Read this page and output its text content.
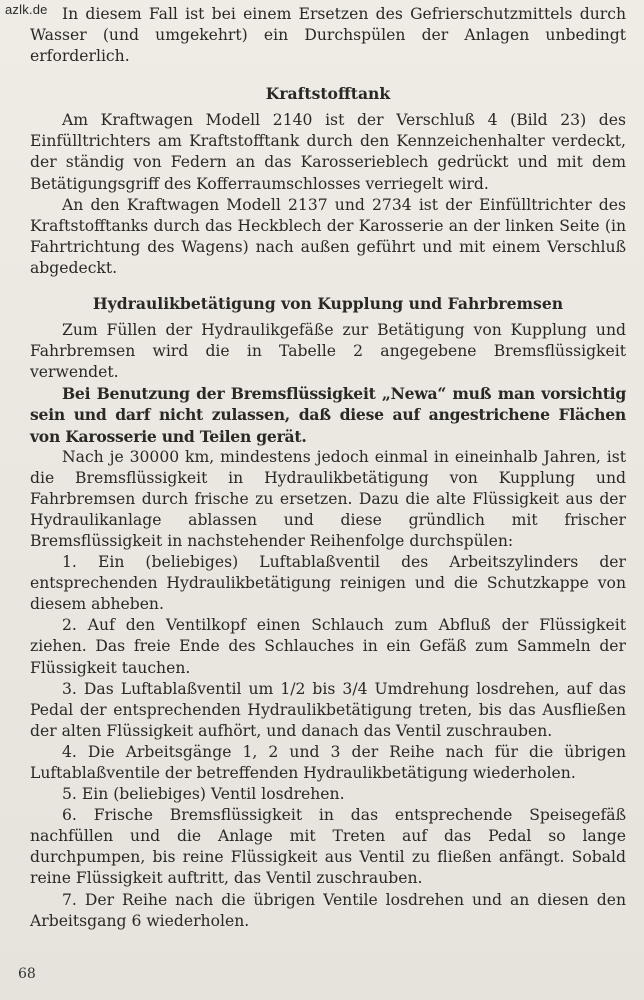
azlk.de In diesem Fall ist bei einem Ersetzen des Gefrierschutzmittels durch Wasser (und umgekehrt) ein Durchspülen der Anlagen unbedingt erforderlich.

Kraftstofftank

Am Kraftwagen Modell 2140 ist der Verschluß 4 (Bild 23) des Einfülltrichters am Kraftstofftank durch den Kennzeichenhalter verdeckt, der ständig von Federn an das Karosserieblech gedrückt und mit dem Betätigungsgriff des Kofferraumschlosses verriegelt wird.

An den Kraftwagen Modell 2137 und 2734 ist der Einfülltrichter des Kraftstofftanks durch das Heckblech der Karosserie an der linken Seite (in Fahrtrichtung des Wagens) nach außen geführt und mit einem Verschluß abgedeckt.

Hydraulikbetätigung von Kupplung und Fahrbremsen

Zum Füllen der Hydraulikgefäße zur Betätigung von Kupplung und Fahrbremsen wird die in Tabelle 2 angegebene Bremsflüssigkeit verwendet.

Bei Benutzung der Bremsflüssigkeit „Newa“ muß man vorsichtig sein und darf nicht zulassen, daß diese auf angestrichene Flächen von Karosserie und Teilen gerät.

Nach je 30000 km, mindestens jedoch einmal in eineinhalb Jahren, ist die Bremsflüssigkeit in Hydraulikbetätigung von Kupplung und Fahrbremsen durch frische zu ersetzen. Dazu die alte Flüssigkeit aus der Hydraulikanlage ablassen und diese gründlich mit frischer Bremsflüssigkeit in nachstehender Reihenfolge durchspülen:

1. Ein (beliebiges) Luftablaßventil des Arbeitszylinders der entsprechenden Hydraulikbetätigung reinigen und die Schutzkappe von diesem abheben.

2. Auf den Ventilkopf einen Schlauch zum Abfluß der Flüssigkeit ziehen. Das freie Ende des Schlauches in ein Gefäß zum Sammeln der Flüssigkeit tauchen.

3. Das Luftablaßventil um 1/2 bis 3/4 Umdrehung losdrehen, auf das Pedal der entsprechenden Hydraulikbetätigung treten, bis das Ausfließen der alten Flüssigkeit aufhört, und danach das Ventil zuschrauben.

4. Die Arbeitsgänge 1, 2 und 3 der Reihe nach für die übrigen Luftablaßventile der betreffenden Hydraulikbetätigung wiederholen.

5. Ein (beliebiges) Ventil losdrehen.

6. Frische Bremsflüssigkeit in das entsprechende Speisegefäß nachfüllen und die Anlage mit Treten auf das Pedal so lange durchpumpen, bis reine Flüssigkeit aus Ventil zu fließen anfängt. Sobald reine Flüssigkeit auftritt, das Ventil zuschrauben.

7. Der Reihe nach die übrigen Ventile losdrehen und an diesen den Arbeitsgang 6 wiederholen.

68
